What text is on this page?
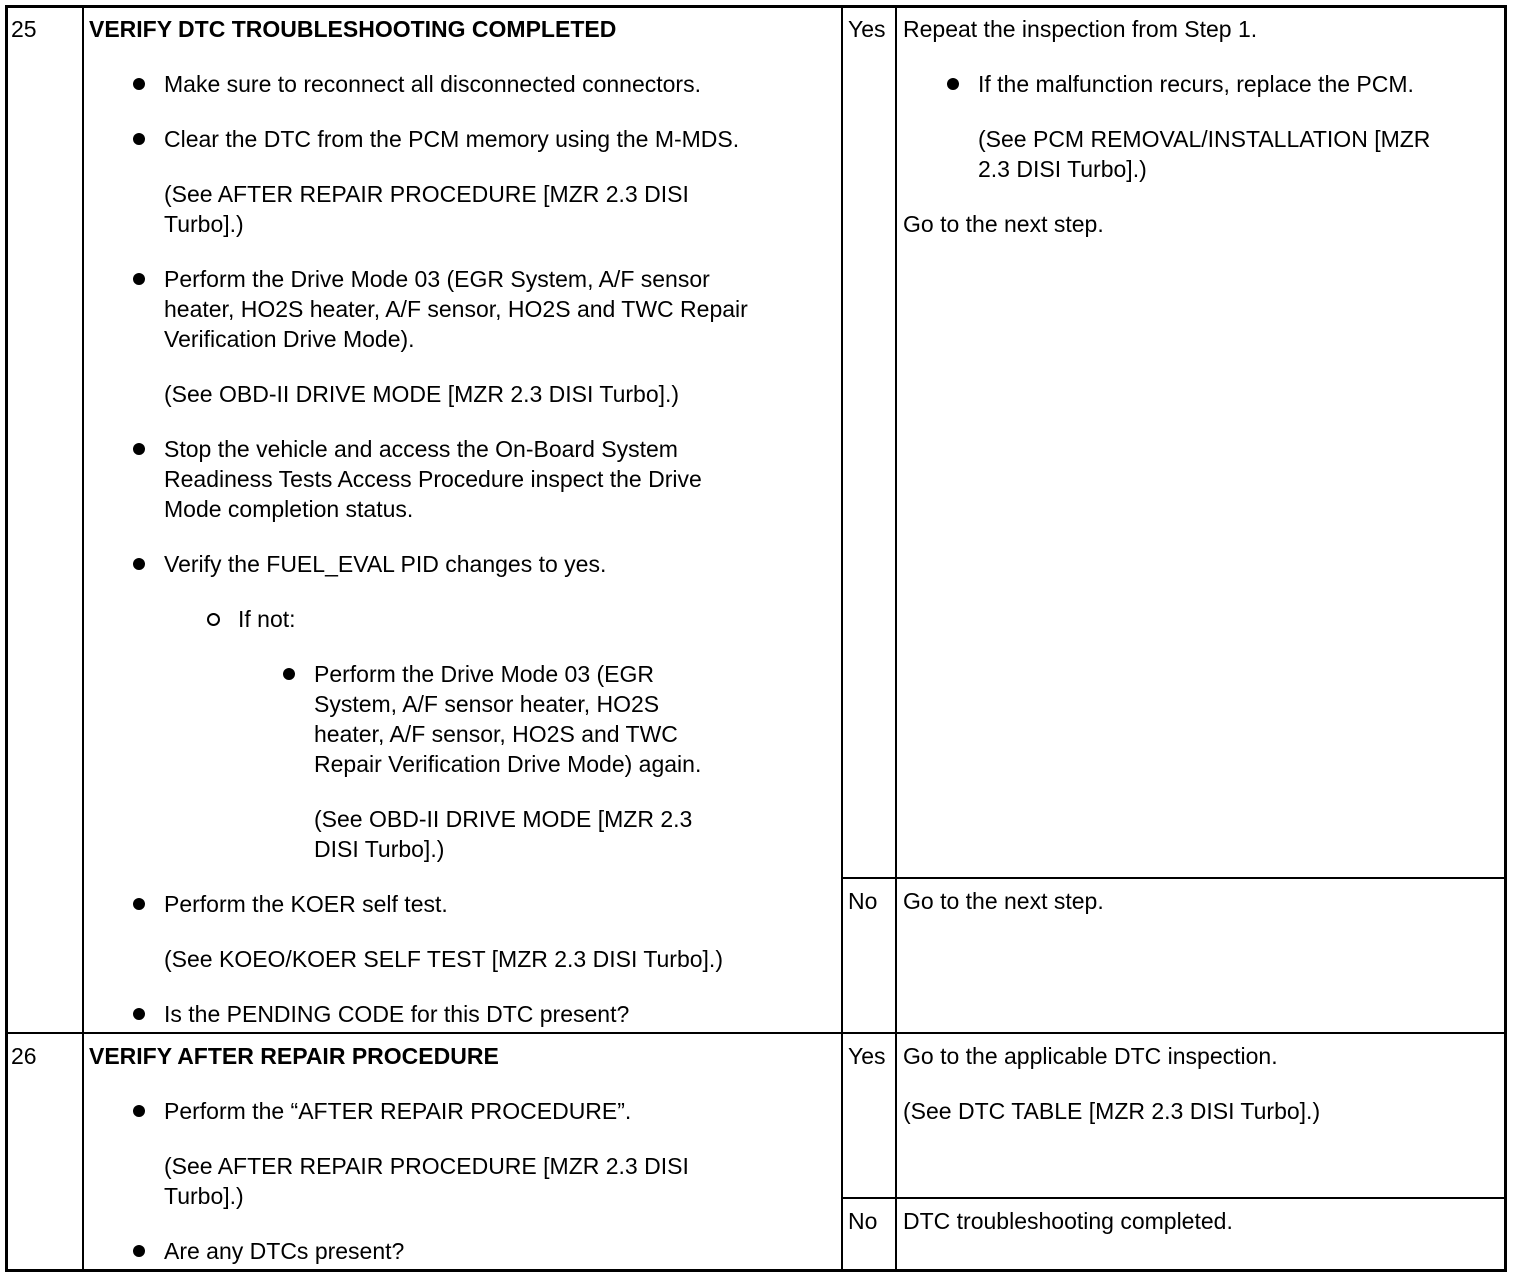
25 VERIFY DTC TROUBLESHOOTING COMPLETED
Make sure to reconnect all disconnected connectors.
Clear the DTC from the PCM memory using the M-MDS.
(See AFTER REPAIR PROCEDURE [MZR 2.3 DISI
Turbo].)
Perform the Drive Mode 03 (EGR System, A/F sensor
heater, HO2S heater, A/F sensor, HO2S and TWC Repair
Verification Drive Mode).
(See OBD-II DRIVE MODE [MZR 2.3 DISI Turbo].)
Stop the vehicle and access the On-Board System
Readiness Tests Access Procedure inspect the Drive
Mode completion status.
Verify the FUEL_EVAL PID changes to yes.
If not:
Perform the Drive Mode 03 (EGR
System, A/F sensor heater, HO2S
heater, A/F sensor, HO2S and TWC
Repair Verification Drive Mode) again.
(See OBD-II DRIVE MODE [MZR 2.3
DISI Turbo].)
Perform the KOER self test.
(See KOEO/KOER SELF TEST [MZR 2.3 DISI Turbo].)
Is the PENDING CODE for this DTC present?
Yes Repeat the inspection from Step 1.
If the malfunction recurs, replace the PCM.
(See PCM REMOVAL/INSTALLATION [MZR
2.3 DISI Turbo].)
Go to the next step.
No Go to the next step.
26 VERIFY AFTER REPAIR PROCEDURE
Perform the “AFTER REPAIR PROCEDURE”.
(See AFTER REPAIR PROCEDURE [MZR 2.3 DISI
Turbo].)
Are any DTCs present?
Yes Go to the applicable DTC inspection.
(See DTC TABLE [MZR 2.3 DISI Turbo].)
No DTC troubleshooting completed.
